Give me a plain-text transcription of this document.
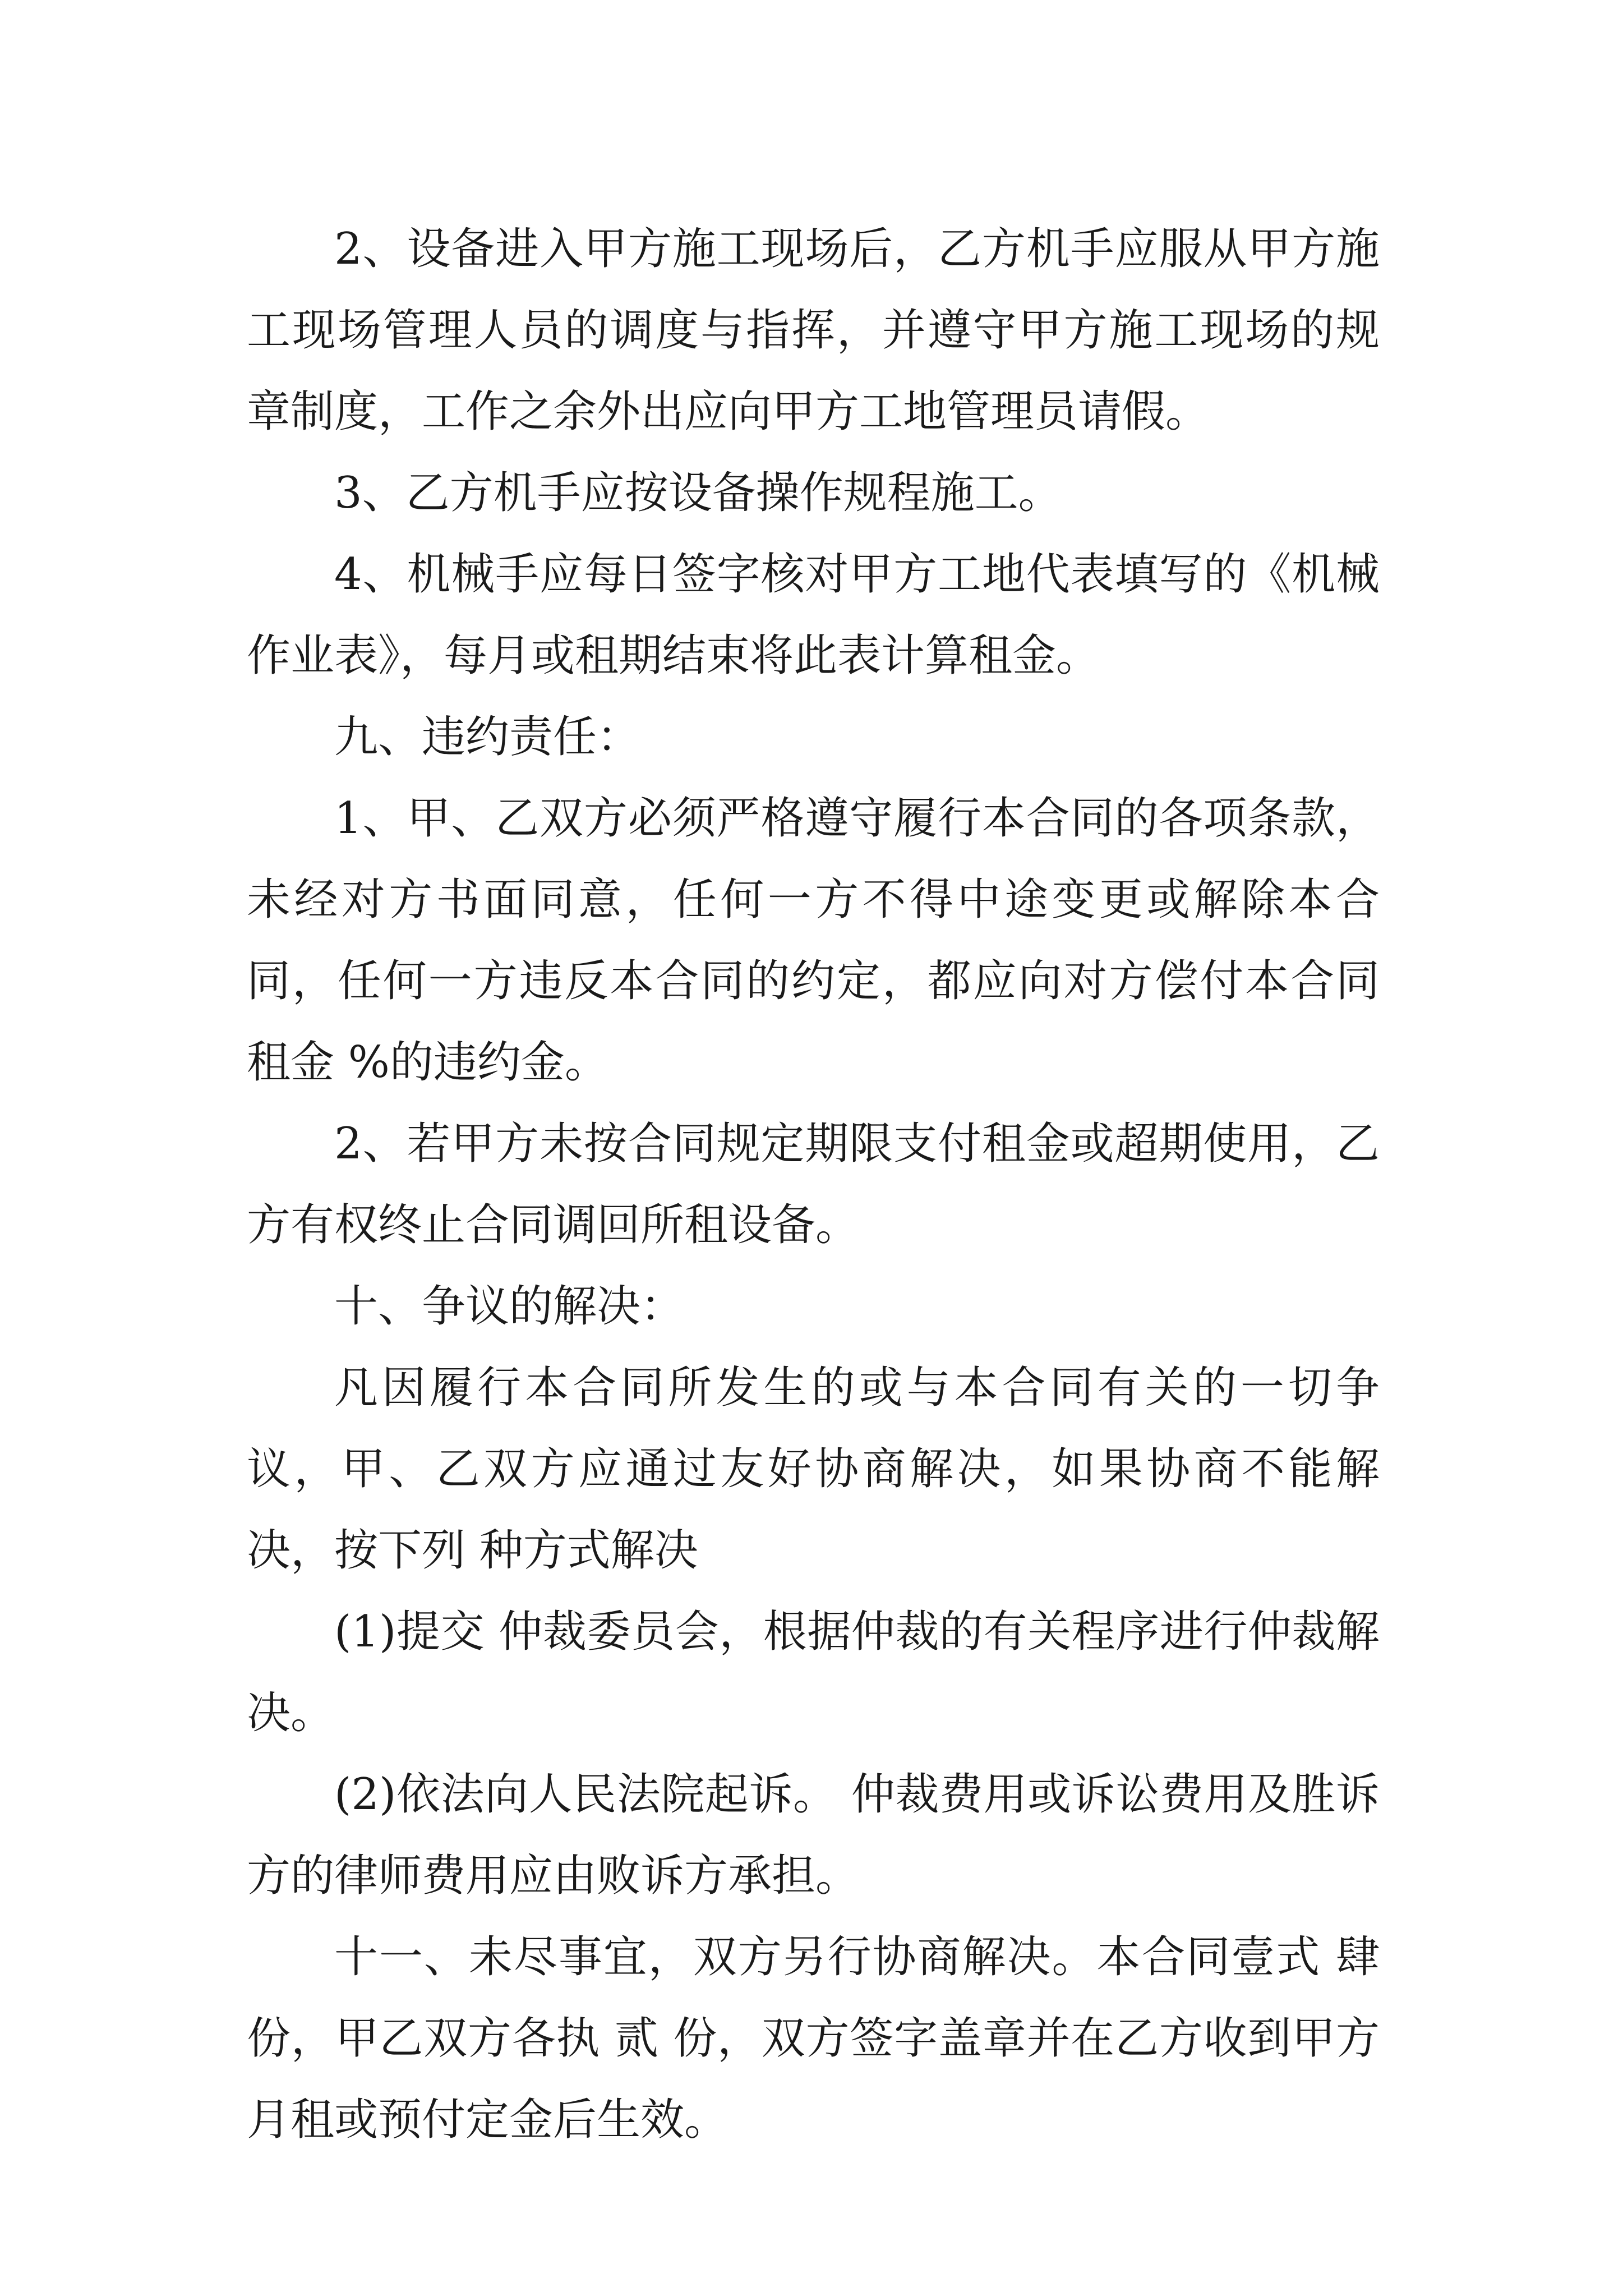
2、设备进入甲方施工现场后，乙方机手应服从甲方施工现场管理人员的调度与指挥，并遵守甲方施工现场的规章制度，工作之余外出应向甲方工地管理员请假。

3、乙方机手应按设备操作规程施工。

4、机械手应每日签字核对甲方工地代表填写的《机械作业表》，每月或租期结束将此表计算租金。

九、违约责任：

1、甲、乙双方必须严格遵守履行本合同的各项条款，未经对方书面同意，任何一方不得中途变更或解除本合同，任何一方违反本合同的约定，都应向对方偿付本合同租金 %的违约金。

2、若甲方未按合同规定期限支付租金或超期使用，乙方有权终止合同调回所租设备。

十、争议的解决：

凡因履行本合同所发生的或与本合同有关的一切争议，甲、乙双方应通过友好协商解决，如果协商不能解决，按下列 种方式解决

(1)提交 仲裁委员会，根据仲裁的有关程序进行仲裁解决。

(2)依法向人民法院起诉。 仲裁费用或诉讼费用及胜诉方的律师费用应由败诉方承担。

十一、未尽事宜，双方另行协商解决。本合同壹式 肆份，甲乙双方各执 贰 份，双方签字盖章并在乙方收到甲方月租或预付定金后生效。
